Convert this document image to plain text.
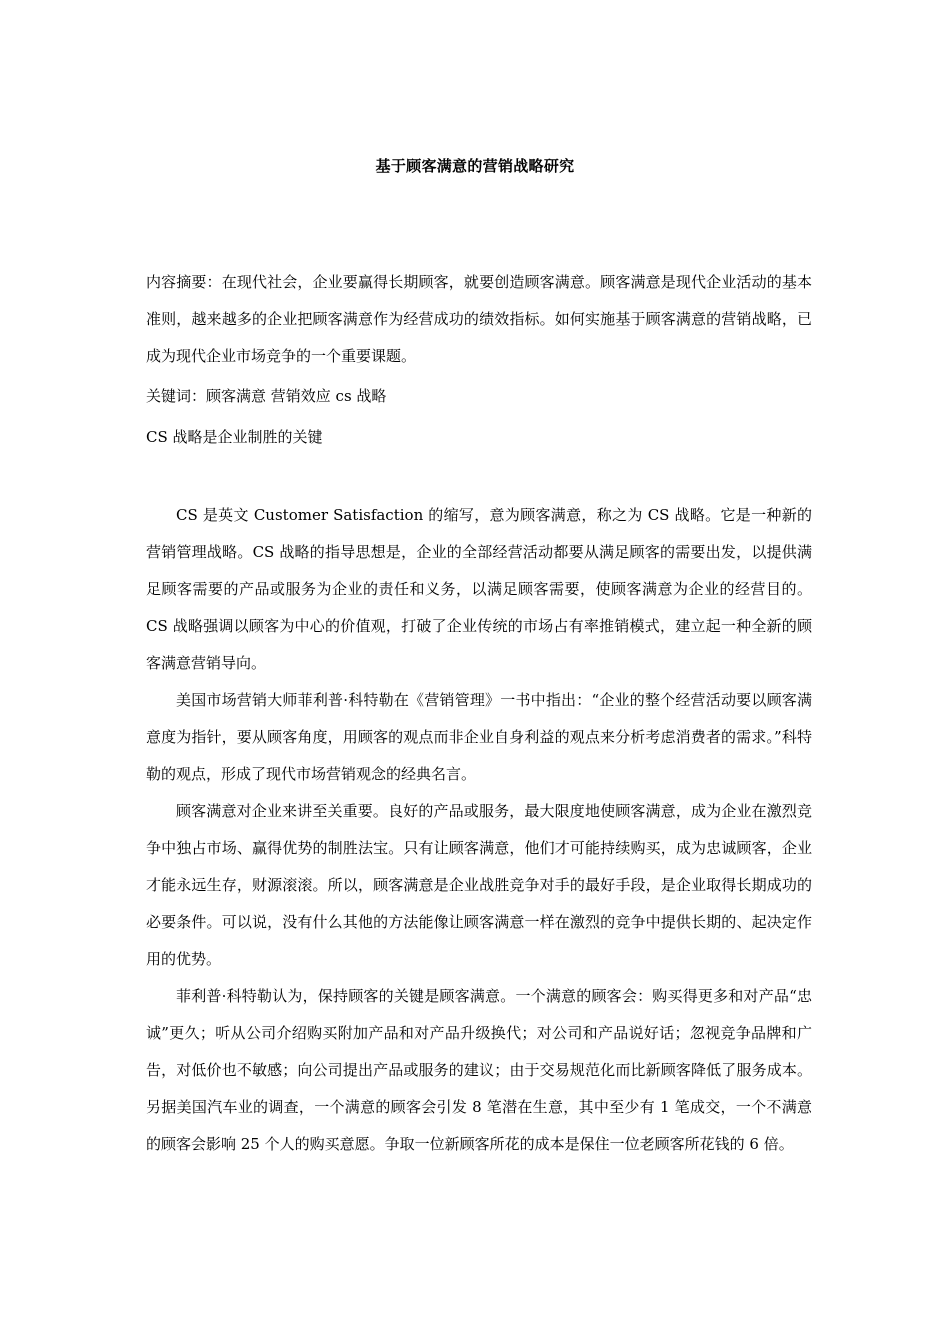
基于顾客满意的营销战略研究

内容摘要：在现代社会，企业要赢得长期顾客，就要创造顾客满意。顾客满意是现代企业活动的基本准则，越来越多的企业把顾客满意作为经营成功的绩效指标。如何实施基于顾客满意的营销战略，已成为现代企业市场竞争的一个重要课题。

关键词：顾客满意 营销效应 cs 战略

CS 战略是企业制胜的关键

CS 是英文 Customer Satisfaction 的缩写，意为顾客满意，称之为 CS 战略。它是一种新的营销管理战略。CS 战略的指导思想是，企业的全部经营活动都要从满足顾客的需要出发，以提供满足顾客需要的产品或服务为企业的责任和义务，以满足顾客需要，使顾客满意为企业的经营目的。CS 战略强调以顾客为中心的价值观，打破了企业传统的市场占有率推销模式，建立起一种全新的顾客满意营销导向。

美国市场营销大师菲利普·科特勒在《营销管理》一书中指出：“企业的整个经营活动要以顾客满意度为指针，要从顾客角度，用顾客的观点而非企业自身利益的观点来分析考虑消费者的需求。”科特勒的观点，形成了现代市场营销观念的经典名言。

顾客满意对企业来讲至关重要。良好的产品或服务，最大限度地使顾客满意，成为企业在激烈竞争中独占市场、赢得优势的制胜法宝。只有让顾客满意，他们才可能持续购买，成为忠诚顾客，企业才能永远生存，财源滚滚。所以，顾客满意是企业战胜竞争对手的最好手段，是企业取得长期成功的必要条件。可以说，没有什么其他的方法能像让顾客满意一样在激烈的竞争中提供长期的、起决定作用的优势。

菲利普·科特勒认为，保持顾客的关键是顾客满意。一个满意的顾客会：购买得更多和对产品“忠诚”更久；听从公司介绍购买附加产品和对产品升级换代；对公司和产品说好话；忽视竞争品牌和广告，对低价也不敏感；向公司提出产品或服务的建议；由于交易规范化而比新顾客降低了服务成本。另据美国汽车业的调查，一个满意的顾客会引发 8 笔潜在生意，其中至少有 1 笔成交，一个不满意的顾客会影响 25 个人的购买意愿。争取一位新顾客所花的成本是保住一位老顾客所花钱的 6 倍。
